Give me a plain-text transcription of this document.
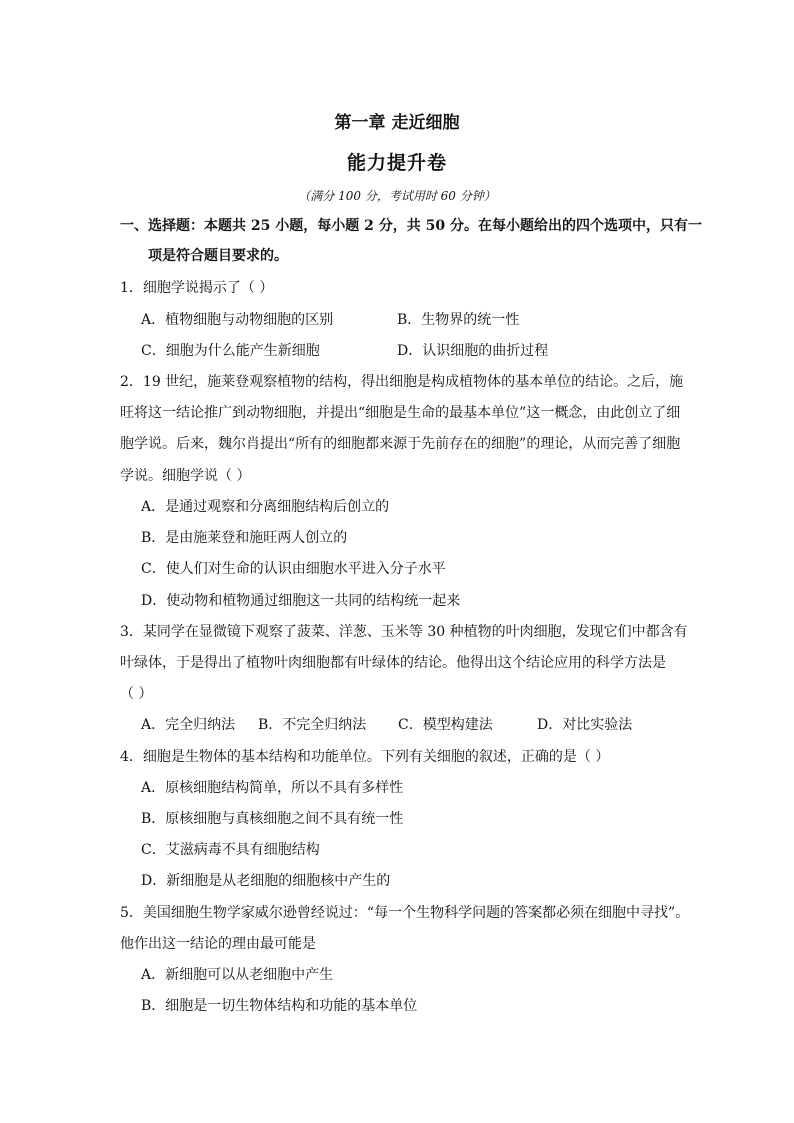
第一章 走近细胞
能力提升卷
（满分 100 分，考试用时 60 分钟）
一、选择题：本题共 25 小题，每小题 2 分，共 50 分。在每小题给出的四个选项中，只有一
项是符合题目要求的。
1．细胞学说揭示了（ ）
A．植物细胞与动物细胞的区别	B．生物界的统一性
C．细胞为什么能产生新细胞	D．认识细胞的曲折过程
2．19 世纪，施莱登观察植物的结构，得出细胞是构成植物体的基本单位的结论。之后，施
旺将这一结论推广到动物细胞，并提出“细胞是生命的最基本单位”这一概念，由此创立了细
胞学说。后来，魏尔肖提出“所有的细胞都来源于先前存在的细胞”的理论，从而完善了细胞
学说。细胞学说（ ）
A．是通过观察和分离细胞结构后创立的
B．是由施莱登和施旺两人创立的
C．使人们对生命的认识由细胞水平进入分子水平
D．使动物和植物通过细胞这一共同的结构统一起来
3．某同学在显微镜下观察了菠菜、洋葱、玉米等 30 种植物的叶肉细胞，发现它们中都含有
叶绿体，于是得出了植物叶肉细胞都有叶绿体的结论。他得出这个结论应用的科学方法是
（ ）
A．完全归纳法 B．不完全归纳法 C．模型构建法	D．对比实验法
4．细胞是生物体的基本结构和功能单位。下列有关细胞的叙述，正确的是（ ）
A．原核细胞结构简单，所以不具有多样性
B．原核细胞与真核细胞之间不具有统一性
C．艾滋病毒不具有细胞结构
D．新细胞是从老细胞的细胞核中产生的
5．美国细胞生物学家威尔逊曾经说过：“每一个生物科学问题的答案都必须在细胞中寻找”。
他作出这一结论的理由最可能是
A．新细胞可以从老细胞中产生
B．细胞是一切生物体结构和功能的基本单位
